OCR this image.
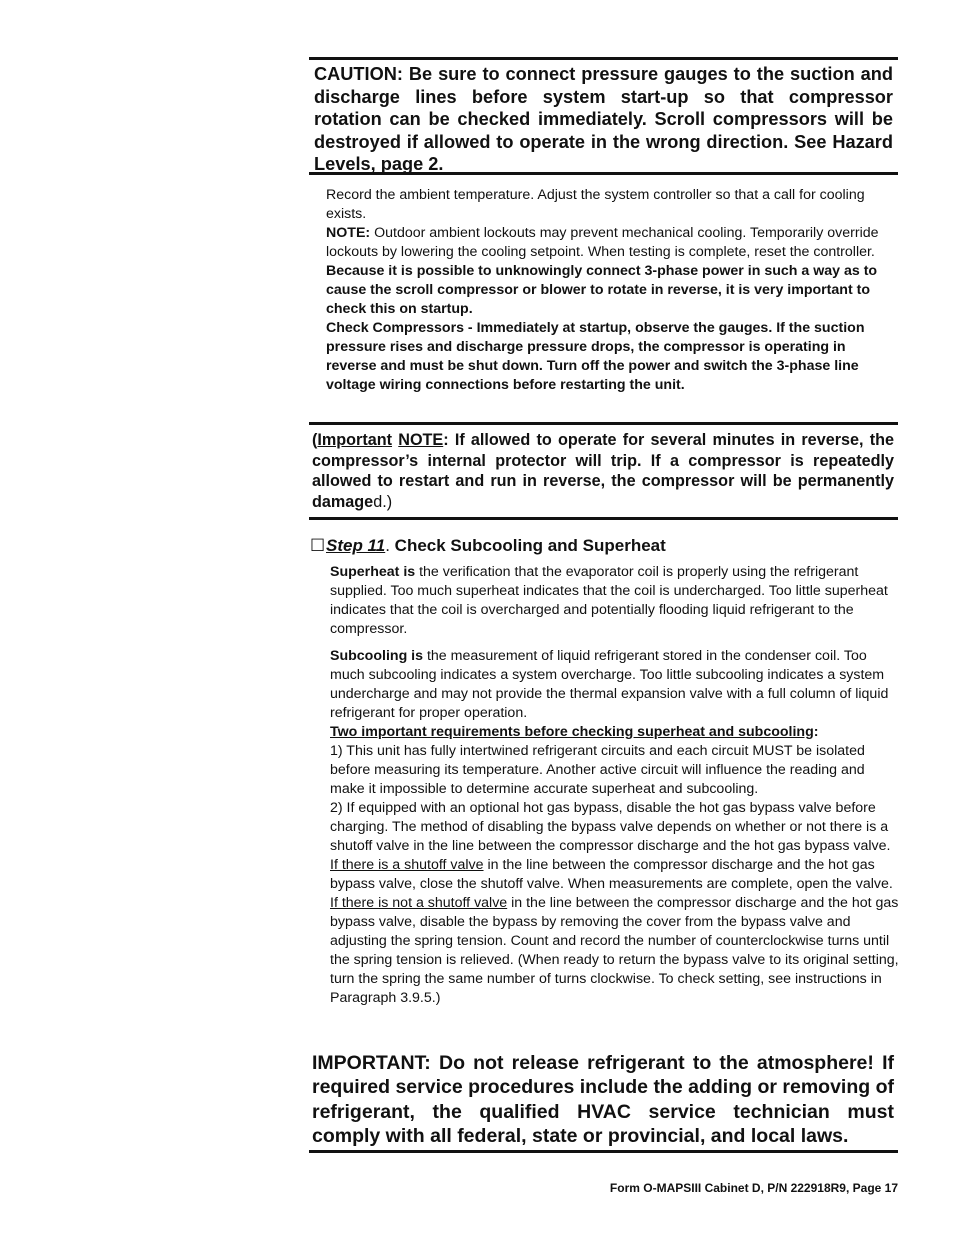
CAUTION: Be sure to connect pressure gauges to the suction and discharge lines before system start-up so that compressor rotation can be checked immediately. Scroll compressors will be destroyed if allowed to operate in the wrong direction. See Hazard Levels, page 2.

Record the ambient temperature. Adjust the system controller so that a call for cooling exists.

NOTE: Outdoor ambient lockouts may prevent mechanical cooling. Temporarily override lockouts by lowering the cooling setpoint. When testing is complete, reset the controller.

Because it is possible to unknowingly connect 3-phase power in such a way as to cause the scroll compressor or blower to rotate in reverse, it is very important to check this on startup.

Check Compressors - Immediately at startup, observe the gauges. If the suction pressure rises and discharge pressure drops, the compressor is operating in reverse and must be shut down. Turn off the power and switch the 3-phase line voltage wiring connections before restarting the unit.

(Important NOTE: If allowed to operate for several minutes in reverse, the compressor’s internal protector will trip. If a compressor is repeatedly allowed to restart and run in reverse, the compressor will be permanently damaged.)
☐Step 11. Check Subcooling and Superheat

Superheat is the verification that the evaporator coil is properly using the refrigerant supplied. Too much superheat indicates that the coil is undercharged. Too little superheat indicates that the coil is overcharged and potentially flooding liquid refrigerant to the compressor.

Subcooling is the measurement of liquid refrigerant stored in the condenser coil. Too much subcooling indicates a system overcharge. Too little subcooling indicates a system undercharge and may not provide the thermal expansion valve with a full column of liquid refrigerant for proper operation.

Two important requirements before checking superheat and subcooling:

1) This unit has fully intertwined refrigerant circuits and each circuit MUST be isolated before measuring its temperature. Another active circuit will influence the reading and make it impossible to determine accurate superheat and subcooling.

2) If equipped with an optional hot gas bypass, disable the hot gas bypass valve before charging. The method of disabling the bypass valve depends on whether or not there is a shutoff valve in the line between the compressor discharge and the hot gas bypass valve.

If there is a shutoff valve in the line between the compressor discharge and the hot gas bypass valve, close the shutoff valve. When measurements are complete, open the valve.

If there is not a shutoff valve in the line between the compressor discharge and the hot gas bypass valve, disable the bypass by removing the cover from the bypass valve and adjusting the spring tension. Count and record the number of counterclockwise turns until the spring tension is relieved. (When ready to return the bypass valve to its original setting, turn the spring the same number of turns clockwise. To check setting, see instructions in Paragraph 3.9.5.)

IMPORTANT: Do not release refrigerant to the atmosphere! If required service procedures include the adding or removing of refrigerant, the qualified HVAC service technician must comply with all federal, state or provincial, and local laws.
Form O-MAPSIII Cabinet D, P/N 222918R9, Page 17
